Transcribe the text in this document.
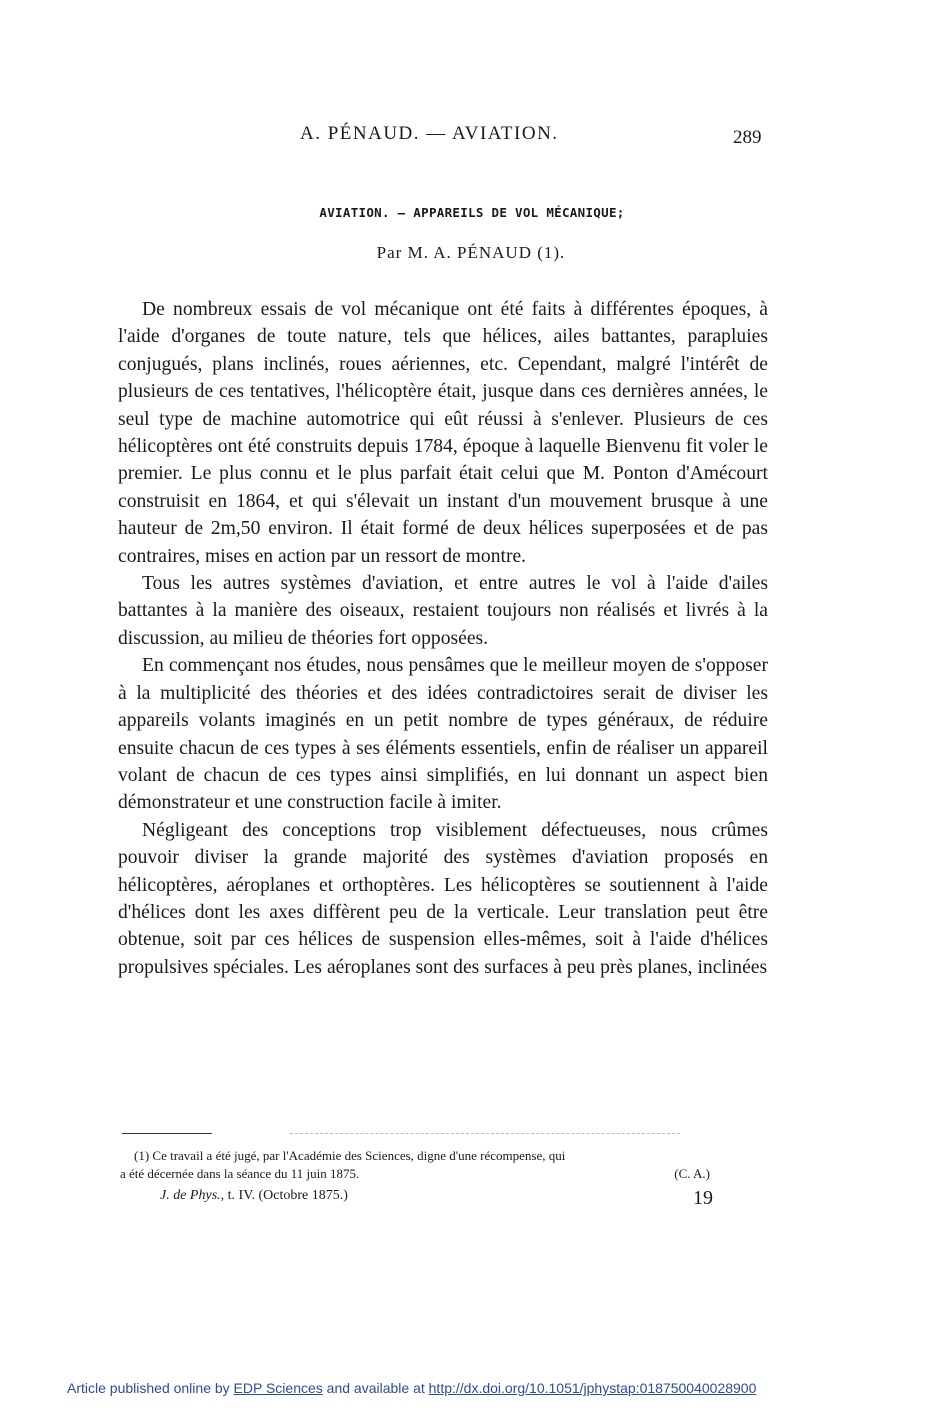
A. PÉNAUD. — AVIATION.	289
AVIATION. — APPAREILS DE VOL MÉCANIQUE;
Par M. A. PÉNAUD (1).

De nombreux essais de vol mécanique ont été faits à différentes époques, à l'aide d'organes de toute nature, tels que hélices, ailes battantes, parapluies conjugués, plans inclinés, roues aériennes, etc. Cependant, malgré l'intérêt de plusieurs de ces tentatives, l'hélicoptère était, jusque dans ces dernières années, le seul type de machine automotrice qui eût réussi à s'enlever. Plusieurs de ces hélicoptères ont été construits depuis 1784, époque à laquelle Bienvenu fit voler le premier. Le plus connu et le plus parfait était celui que M. Ponton d'Amécourt construisit en 1864, et qui s'élevait un instant d'un mouvement brusque à une hauteur de 2m,50 environ. Il était formé de deux hélices superposées et de pas contraires, mises en action par un ressort de montre.

Tous les autres systèmes d'aviation, et entre autres le vol à l'aide d'ailes battantes à la manière des oiseaux, restaient toujours non réalisés et livrés à la discussion, au milieu de théories fort opposées.

En commençant nos études, nous pensâmes que le meilleur moyen de s'opposer à la multiplicité des théories et des idées contradictoires serait de diviser les appareils volants imaginés en un petit nombre de types généraux, de réduire ensuite chacun de ces types à ses éléments essentiels, enfin de réaliser un appareil volant de chacun de ces types ainsi simplifiés, en lui donnant un aspect bien démonstrateur et une construction facile à imiter.

Négligeant des conceptions trop visiblement défectueuses, nous crûmes pouvoir diviser la grande majorité des systèmes d'aviation proposés en hélicoptères, aéroplanes et orthoptères. Les hélicoptères se soutiennent à l'aide d'hélices dont les axes diffèrent peu de la verticale. Leur translation peut être obtenue, soit par ces hélices de suspension elles-mêmes, soit à l'aide d'hélices propulsives spéciales. Les aéroplanes sont des surfaces à peu près planes, inclinées

(1) Ce travail a été jugé, par l'Académie des Sciences, digne d'une récompense, qui
a été décernée dans la séance du 11 juin 1875.	(C. A.)
J. de Phys., t. IV. (Octobre 1875.)	19
Article published online by EDP Sciences and available at http://dx.doi.org/10.1051/jphystap:018750040028900
